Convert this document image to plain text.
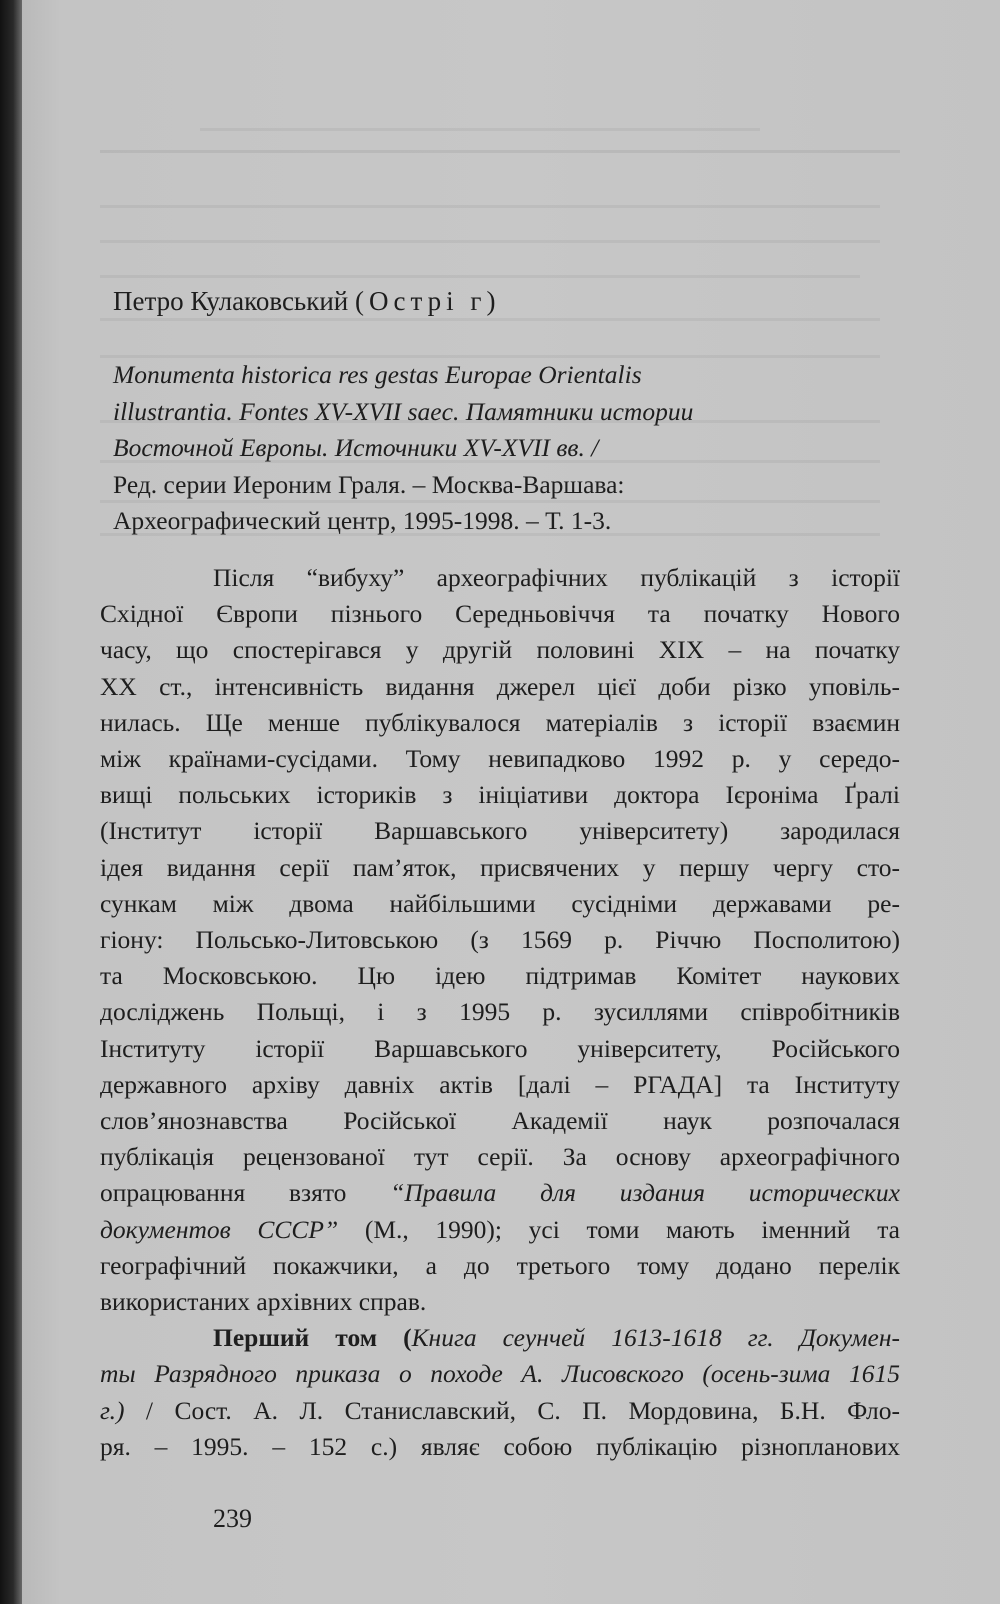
Петро Кулаковський (Острі г)
Monumenta historica res gestas Europae Orientalis
illustrantia. Fontes XV-XVII saec. Памятники истории
Восточной Европы. Источники XV-XVII вв. /
Ред. серии Иероним Граля. – Москва-Варшава:
Археографический центр, 1995-1998. – Т. 1-3.
Після “вибуху” археографічних публікацій з історії
Східної Європи пізнього Середньовіччя та початку Нового
часу, що спостерігався у другій половині ХІХ – на початку
ХХ ст., інтенсивність видання джерел цієї доби різко уповіль-
нилась. Ще менше публікувалося матеріалів з історії взаємин
між країнами-сусідами. Тому невипадково 1992 р. у середо-
вищі польських істориків з ініціативи доктора Ієроніма Ґралі
(Інститут історії Варшавського університету) зародилася
ідея видання серії пам’яток, присвячених у першу чергу сто-
сункам між двома найбільшими сусідніми державами ре-
гіону: Польсько-Литовською (з 1569 р. Річчю Посполитою)
та Московською. Цю ідею підтримав Комітет наукових
досліджень Польщі, і з 1995 р. зусиллями співробітників
Інституту історії Варшавського університету, Російського
державного архіву давніх актів [далі – РГАДА] та Інституту
слов’янознавства Російської Академії наук розпочалася
публікація рецензованої тут серії. За основу археографічного
опрацювання взято “Правила для издания исторических
документов СССР” (М., 1990); усі томи мають іменний та
географічний покажчики, а до третього тому додано перелік
використаних архівних справ.
Перший том (Книга сеунчей 1613-1618 гг. Докумен-
ты Разрядного приказа о походе А. Лисовского (осень-зима 1615
г.) / Сост. А. Л. Станиславский, С. П. Мордовина, Б.Н. Фло-
ря. – 1995. – 152 с.) являє собою публікацію різнопланових
239
